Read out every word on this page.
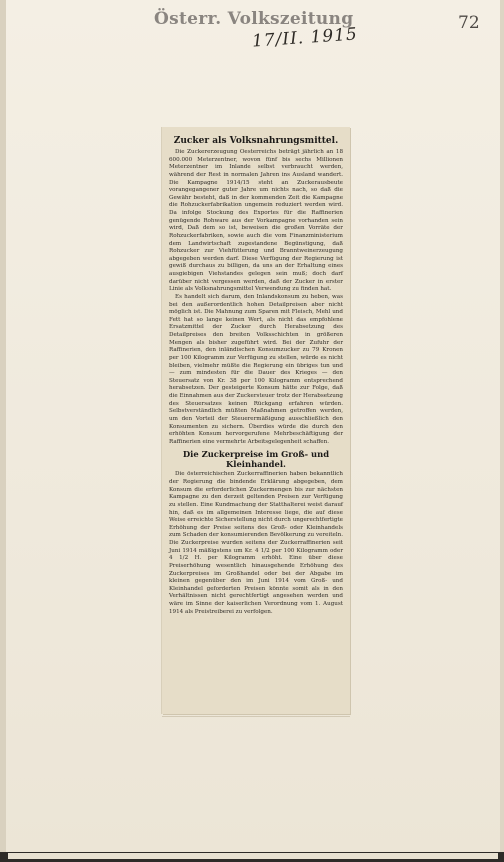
Österr. Volkszeitung	72
17/II. 1915
Zucker als Volksnahrungsmittel.

Die Zuckererzeugung Oesterreichs beträgt jährlich an 18 600.000 Meterzentner, wovon fünf bis sechs Millionen Meterzentner im Inlande selbst verbraucht werden, während der Rest in normalen Jahren ins Ausland wandert. Die Kampagne 1914/15 steht an Zuckerausbeute vorangegangener guter Jahre um nichts nach, so daß die Gewähr besteht, daß in der kommenden Zeit die Kampagne die Rohzuckerfabrikation ungemein reduziert werden wird. Da infolge Stockung des Exportes für die Raffinerien genügende Rohware aus der Vorkampagne vorhanden sein wird, Daß dem so ist, beweisen die großen Vorräte der Rohzuckerfabriken, sowie auch die vom Finanzministerium dem Landwirtschaft zugestandene Begünstigung, daß Rohzucker zur Viehfütterung und Branntweinerzeugung abgegeben werden darf. Diese Verfügung der Regierung ist gewiß durchaus zu billigen, da uns an der Erhaltung eines ausgiebigen Viehstandes gelegen sein muß; doch darf darüber nicht vergessen werden, daß der Zucker in erster Linie als Volksnahrungsmittel Verwendung zu finden hat.

Es handelt sich darum, den Inlandskonsum zu heben, was bei den außerordentlich hohen Detailpreisen aber nicht möglich ist. Die Mahnung zum Sparen mit Fleisch, Mehl und Fett hat so lange keinen Wert, als nicht das empfohlene Ersatzmittel der Zucker durch Herabsetzung des Detailpreises den breiten Volksschichten in größeren Mengen als bisher zugeführt wird. Bei der Zufuhr der Raffinerien, den inländischen Konsumzucker zu 79 Kronen per 100 Kilogramm zur Verfügung zu stellen, würde es nicht bleiben, vielmehr müßte die Regierung ein übriges tun und — zum mindesten für die Dauer des Krieges — den Steuersatz von Kr. 38 per 100 Kilogramm entsprechend herabsetzen. Der gesteigerte Konsum hätte zur Folge, daß die Einnahmen aus der Zuckersteuer trotz der Herabsetzung des Steuersatzes keinen Rückgang erfahren würden. Selbstverständlich müßten Maßnahmen getroffen werden, um den Vorteil der Steuerermäßigung ausschließlich den Konsumenten zu sichern. Überdies würde die durch den erhöhten Konsum hervorgerufene Mehrbeschäftigung der Raffinerien eine vermehrte Arbeitsgelegenheit schaffen.

Die Zuckerpreise im Groß- und Kleinhandel.

Die österreichischen Zuckerraffinerien haben bekanntlich der Regierung die bindende Erklärung abgegeben, dem Konsum die erforderlichen Zuckermengen bis zur nächsten Kampagne zu den derzeit geltenden Preisen zur Verfügung zu stellen. Eine Kundmachung der Statthalterei weist darauf hin, daß es im allgemeinen Interesse liege, die auf diese Weise erreichte Sicherstellung nicht durch ungerechtfertigte Erhöhung der Preise seitens des Groß- oder Kleinhandels zum Schaden der konsumierenden Bevölkerung zu vereiteln. Die Zuckerpreise wurden seitens der Zuckerraffinerien seit Juni 1914 mäßigstens um Kr. 4 1/2 per 100 Kilogramm oder 4 1/2 H. per Kilogramm erhöht. Eine über diese Preiserhöhung wesentlich hinausgehende Erhöhung des Zuckerpreises im Großhandel oder bei der Abgabe im kleinen gegenüber den im Juni 1914 vom Groß- und Kleinhandel geforderten Preisen könnte somit als in den Verhältnissen nicht gerechtfertigt angesehen werden und wäre im Sinne der kaiserlichen Verordnung vom 1. August 1914 als Preistreiberei zu verfolgen.
